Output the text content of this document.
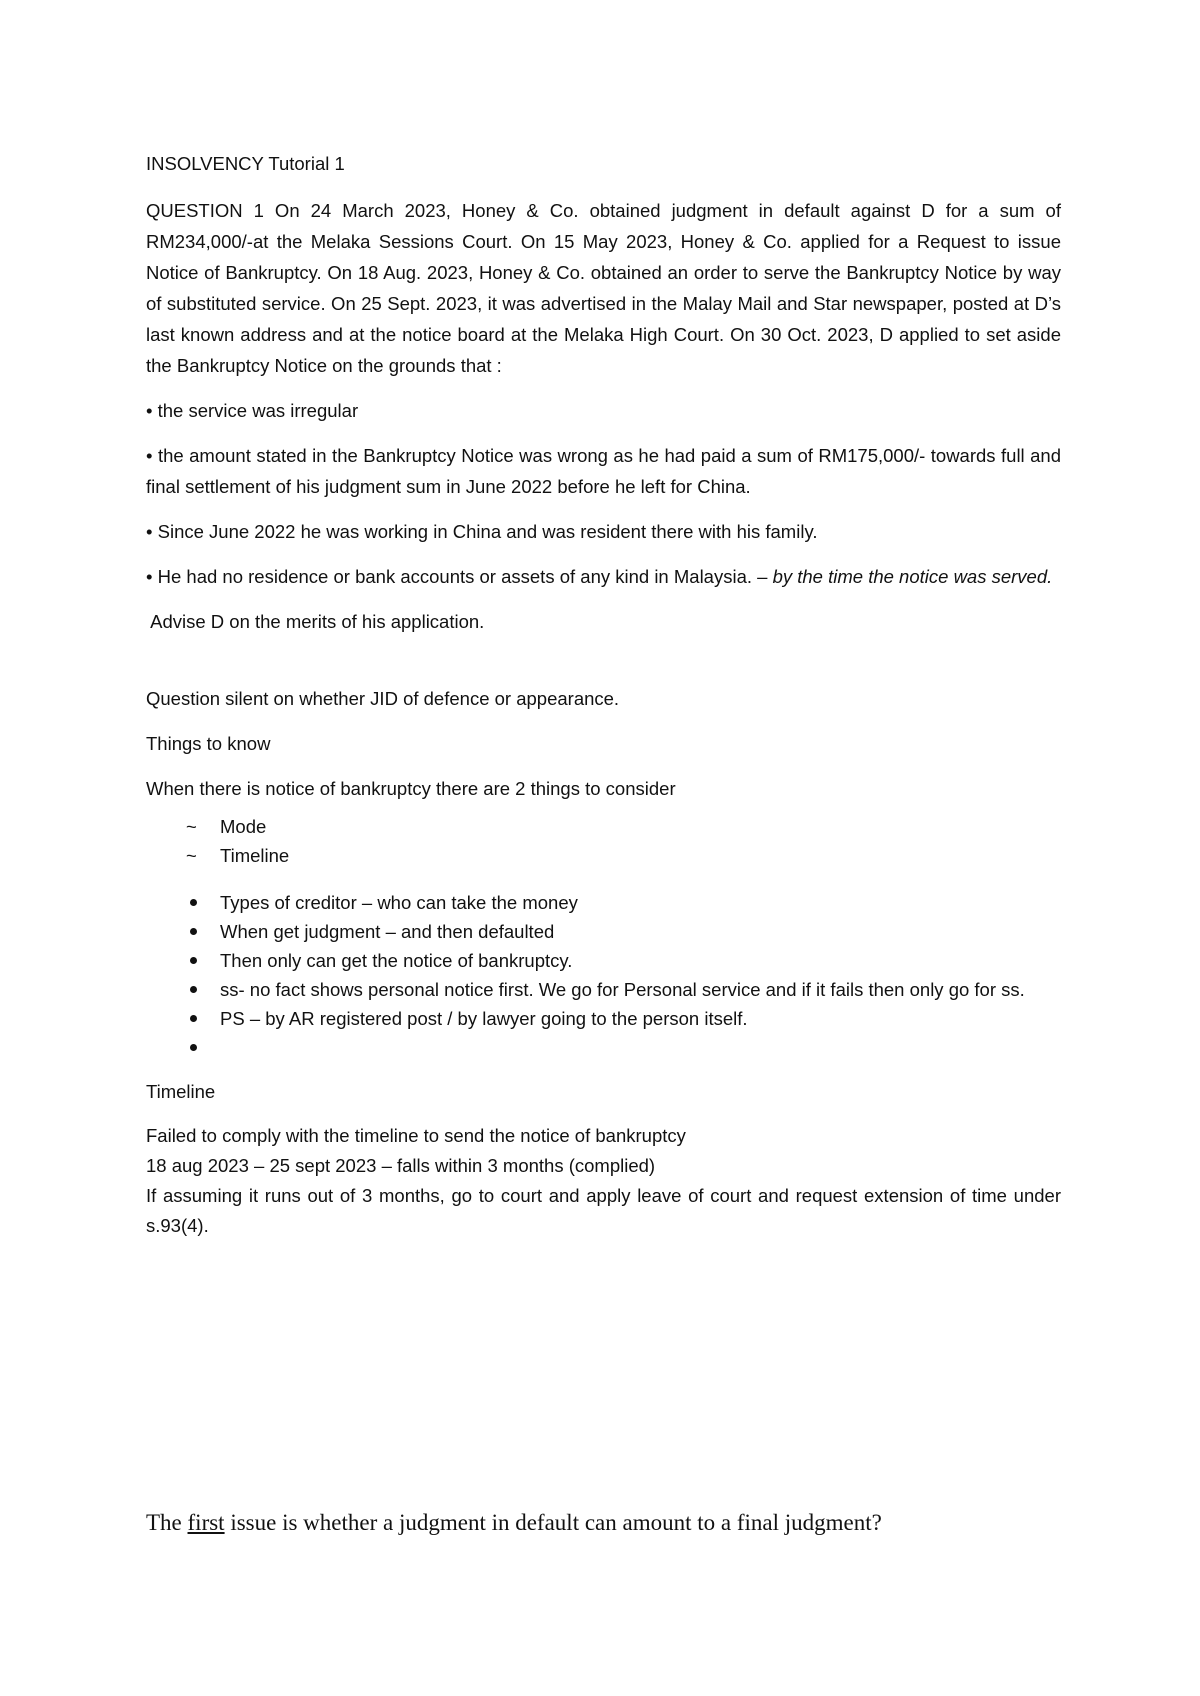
INSOLVENCY Tutorial 1

QUESTION 1 On 24 March 2023, Honey & Co. obtained judgment in default against D for a sum of RM234,000/-at the Melaka Sessions Court. On 15 May 2023, Honey & Co. applied for a Request to issue Notice of Bankruptcy. On 18 Aug. 2023, Honey & Co. obtained an order to serve the Bankruptcy Notice by way of substituted service. On 25 Sept. 2023, it was advertised in the Malay Mail and Star newspaper, posted at D’s last known address and at the notice board at the Melaka High Court. On 30 Oct. 2023, D applied to set aside the Bankruptcy Notice on the grounds that :

• the service was irregular

• the amount stated in the Bankruptcy Notice was wrong as he had paid a sum of RM175,000/- towards full and final settlement of his judgment sum in June 2022 before he left for China.

• Since June 2022 he was working in China and was resident there with his family.

• He had no residence or bank accounts or assets of any kind in Malaysia. – by the time the notice was served.

Advise D on the merits of his application.

Question silent on whether JID of defence or appearance.

Things to know

When there is notice of bankruptcy there are 2 things to consider

~	Mode
~	Timeline
Types of creditor – who can take the money
When get judgment – and then defaulted
Then only can get the notice of bankruptcy.
ss- no fact shows personal notice first. We go for Personal service and if it fails then only go for ss.
PS – by AR registered post / by lawyer going to the person itself.

Timeline

Failed to comply with the timeline to send the notice of bankruptcy

18 aug 2023 – 25 sept 2023 – falls within 3 months (complied)

If assuming it runs out of 3 months, go to court and apply leave of court and request extension of time under s.93(4).

The first issue is whether a judgment in default can amount to a final judgment?
